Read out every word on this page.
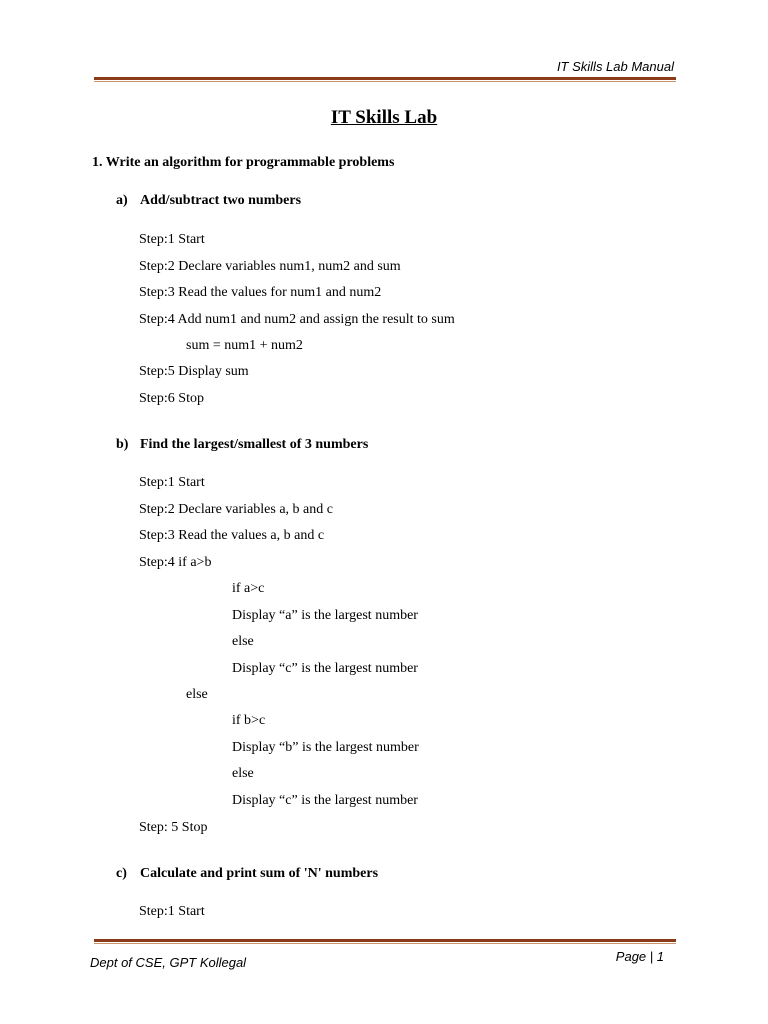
IT Skills Lab Manual
IT Skills Lab
1. Write an algorithm for programmable problems
a) Add/subtract two numbers
Step:1 Start
Step:2 Declare variables num1, num2 and sum
Step:3 Read the values for num1 and num2
Step:4 Add num1 and num2 and assign the result to sum
sum = num1 + num2
Step:5 Display sum
Step:6 Stop
b) Find the largest/smallest of 3 numbers
Step:1 Start
Step:2 Declare variables a, b and c
Step:3 Read the values a, b and c
Step:4 if a>b
if a>c
Display “a” is the largest number
else
Display “c” is the largest number
else
if b>c
Display “b” is the largest number
else
Display “c” is the largest number
Step: 5 Stop
c) Calculate and print sum of 'N' numbers
Step:1 Start
Dept of CSE, GPT Kollegal	Page | 1
